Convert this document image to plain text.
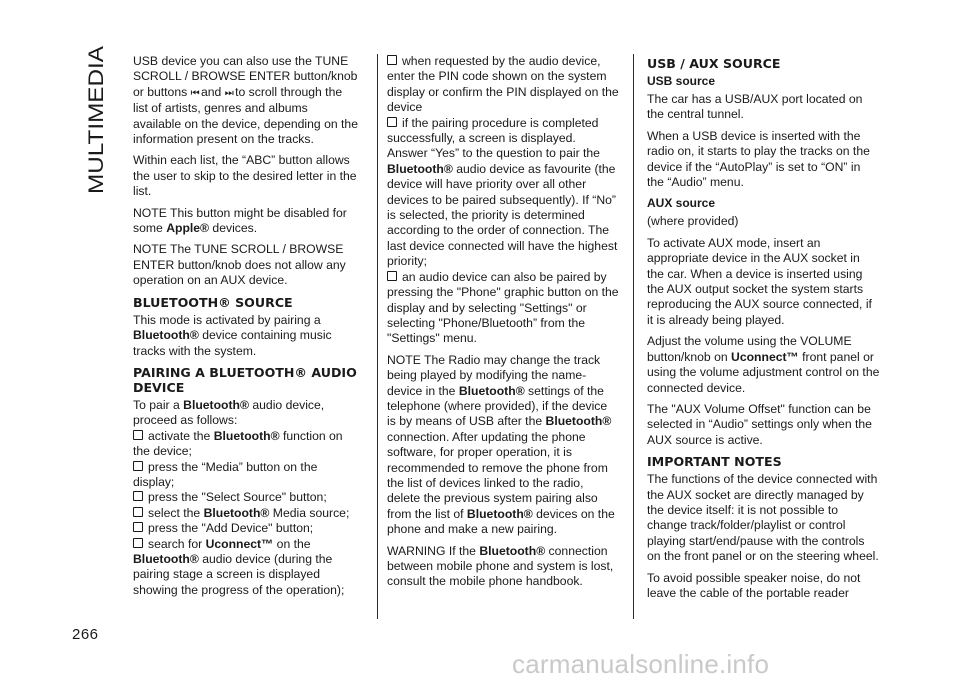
MULTIMEDIA
266
carmanualsonline.info

USB device you can also use the TUNE SCROLL / BROWSE ENTER button/knob or buttons ⏮ and ⏭ to scroll through the list of artists, genres and albums available on the device, depending on the information present on the tracks.

Within each list, the “ABC” button allows the user to skip to the desired letter in the list.

NOTE This button might be disabled for some Apple® devices.

NOTE The TUNE SCROLL / BROWSE ENTER button/knob does not allow any operation on an AUX device.

BLUETOOTH® SOURCE

This mode is activated by pairing a Bluetooth® device containing music tracks with the system.

PAIRING A BLUETOOTH® AUDIO DEVICE

To pair a Bluetooth® audio device, proceed as follows:

activate the Bluetooth® function on the device;
press the “Media” button on the display;
press the "Select Source" button;
select the Bluetooth® Media source;
press the "Add Device" button;
search for Uconnect™ on the Bluetooth® audio device (during the pairing stage a screen is displayed showing the progress of the operation);
when requested by the audio device, enter the PIN code shown on the system display or confirm the PIN displayed on the device
if the pairing procedure is completed successfully, a screen is displayed. Answer “Yes” to the question to pair the Bluetooth® audio device as favourite (the device will have priority over all other devices to be paired subsequently). If “No” is selected, the priority is determined according to the order of connection. The last device connected will have the highest priority;
an audio device can also be paired by pressing the "Phone" graphic button on the display and by selecting "Settings" or selecting "Phone/Bluetooth” from the "Settings" menu.

NOTE The Radio may change the track being played by modifying the name-device in the Bluetooth® settings of the telephone (where provided), if the device is by means of USB after the Bluetooth® connection. After updating the phone software, for proper operation, it is recommended to remove the phone from the list of devices linked to the radio, delete the previous system pairing also from the list of Bluetooth® devices on the phone and make a new pairing.

WARNING If the Bluetooth® connection between mobile phone and system is lost, consult the mobile phone handbook.

USB / AUX SOURCE
USB source

The car has a USB/AUX port located on the central tunnel.

When a USB device is inserted with the radio on, it starts to play the tracks on the device if the “AutoPlay” is set to “ON” in the “Audio” menu.

AUX source

(where provided)

To activate AUX mode, insert an appropriate device in the AUX socket in the car. When a device is inserted using the AUX output socket the system starts reproducing the AUX source connected, if it is already being played.

Adjust the volume using the VOLUME button/knob on Uconnect™ front panel or using the volume adjustment control on the connected device.

The "AUX Volume Offset" function can be selected in “Audio” settings only when the AUX source is active.

IMPORTANT NOTES

The functions of the device connected with the AUX socket are directly managed by the device itself: it is not possible to change track/folder/playlist or control playing start/end/pause with the controls on the front panel or on the steering wheel.

To avoid possible speaker noise, do not leave the cable of the portable reader
